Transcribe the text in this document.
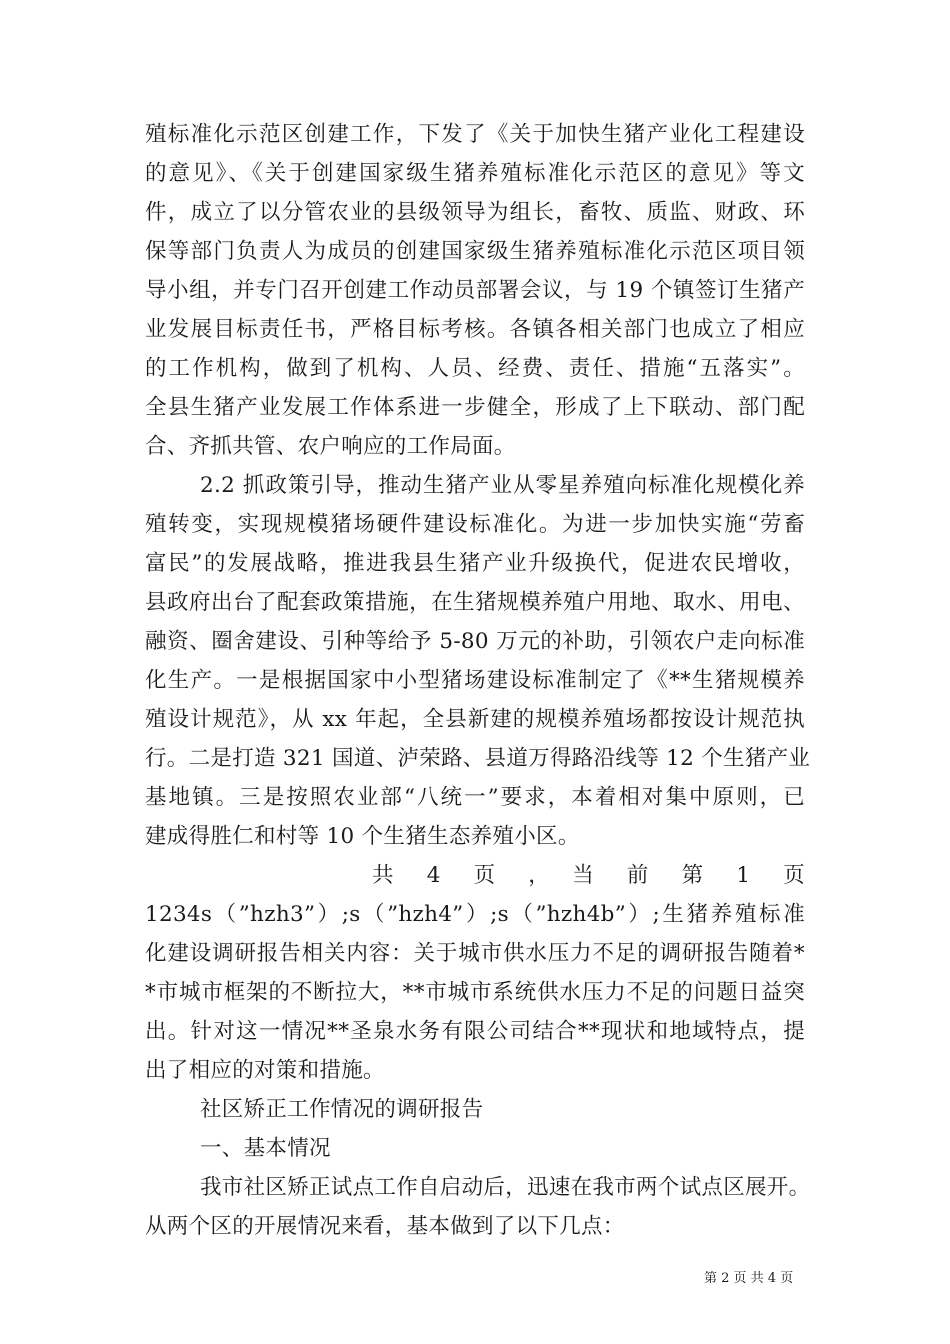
殖标准化示范区创建工作，下发了《关于加快生猪产业化工程建设
的意见》、《关于创建国家级生猪养殖标准化示范区的意见》等文
件，成立了以分管农业的县级领导为组长，畜牧、质监、财政、环
保等部门负责人为成员的创建国家级生猪养殖标准化示范区项目领
导小组，并专门召开创建工作动员部署会议，与 19 个镇签订生猪产
业发展目标责任书，严格目标考核。各镇各相关部门也成立了相应
的工作机构，做到了机构、人员、经费、责任、措施“五落实”。
全县生猪产业发展工作体系进一步健全，形成了上下联动、部门配
合、齐抓共管、农户响应的工作局面。
2.2 抓政策引导，推动生猪产业从零星养殖向标准化规模化养
殖转变，实现规模猪场硬件建设标准化。为进一步加快实施“劳畜
富民”的发展战略，推进我县生猪产业升级换代，促进农民增收，
县政府出台了配套政策措施，在生猪规模养殖户用地、取水、用电、
融资、圈舍建设、引种等给予 5-80 万元的补助，引领农户走向标准
化生产。一是根据国家中小型猪场建设标准制定了《**生猪规模养
殖设计规范》，从 xx 年起，全县新建的规模养殖场都按设计规范执
行。二是打造 321 国道、泸荣路、县道万得路沿线等 12 个生猪产业
基地镇。三是按照农业部“八统一”要求，本着相对集中原则，已
建成得胜仁和村等 10 个生猪生态养殖小区。
共　4　页　，　当　前　第　1　页
1234s（”hzh3”）;s（”hzh4”）;s（”hzh4b”）;生猪养殖标准
化建设调研报告相关内容：关于城市供水压力不足的调研报告随着*
*市城市框架的不断拉大，**市城市系统供水压力不足的问题日益突
出。针对这一情况**圣泉水务有限公司结合**现状和地域特点，提
出了相应的对策和措施。
社区矫正工作情况的调研报告
一、基本情况
我市社区矫正试点工作自启动后，迅速在我市两个试点区展开。
从两个区的开展情况来看，基本做到了以下几点：
第 2 页 共 4 页
